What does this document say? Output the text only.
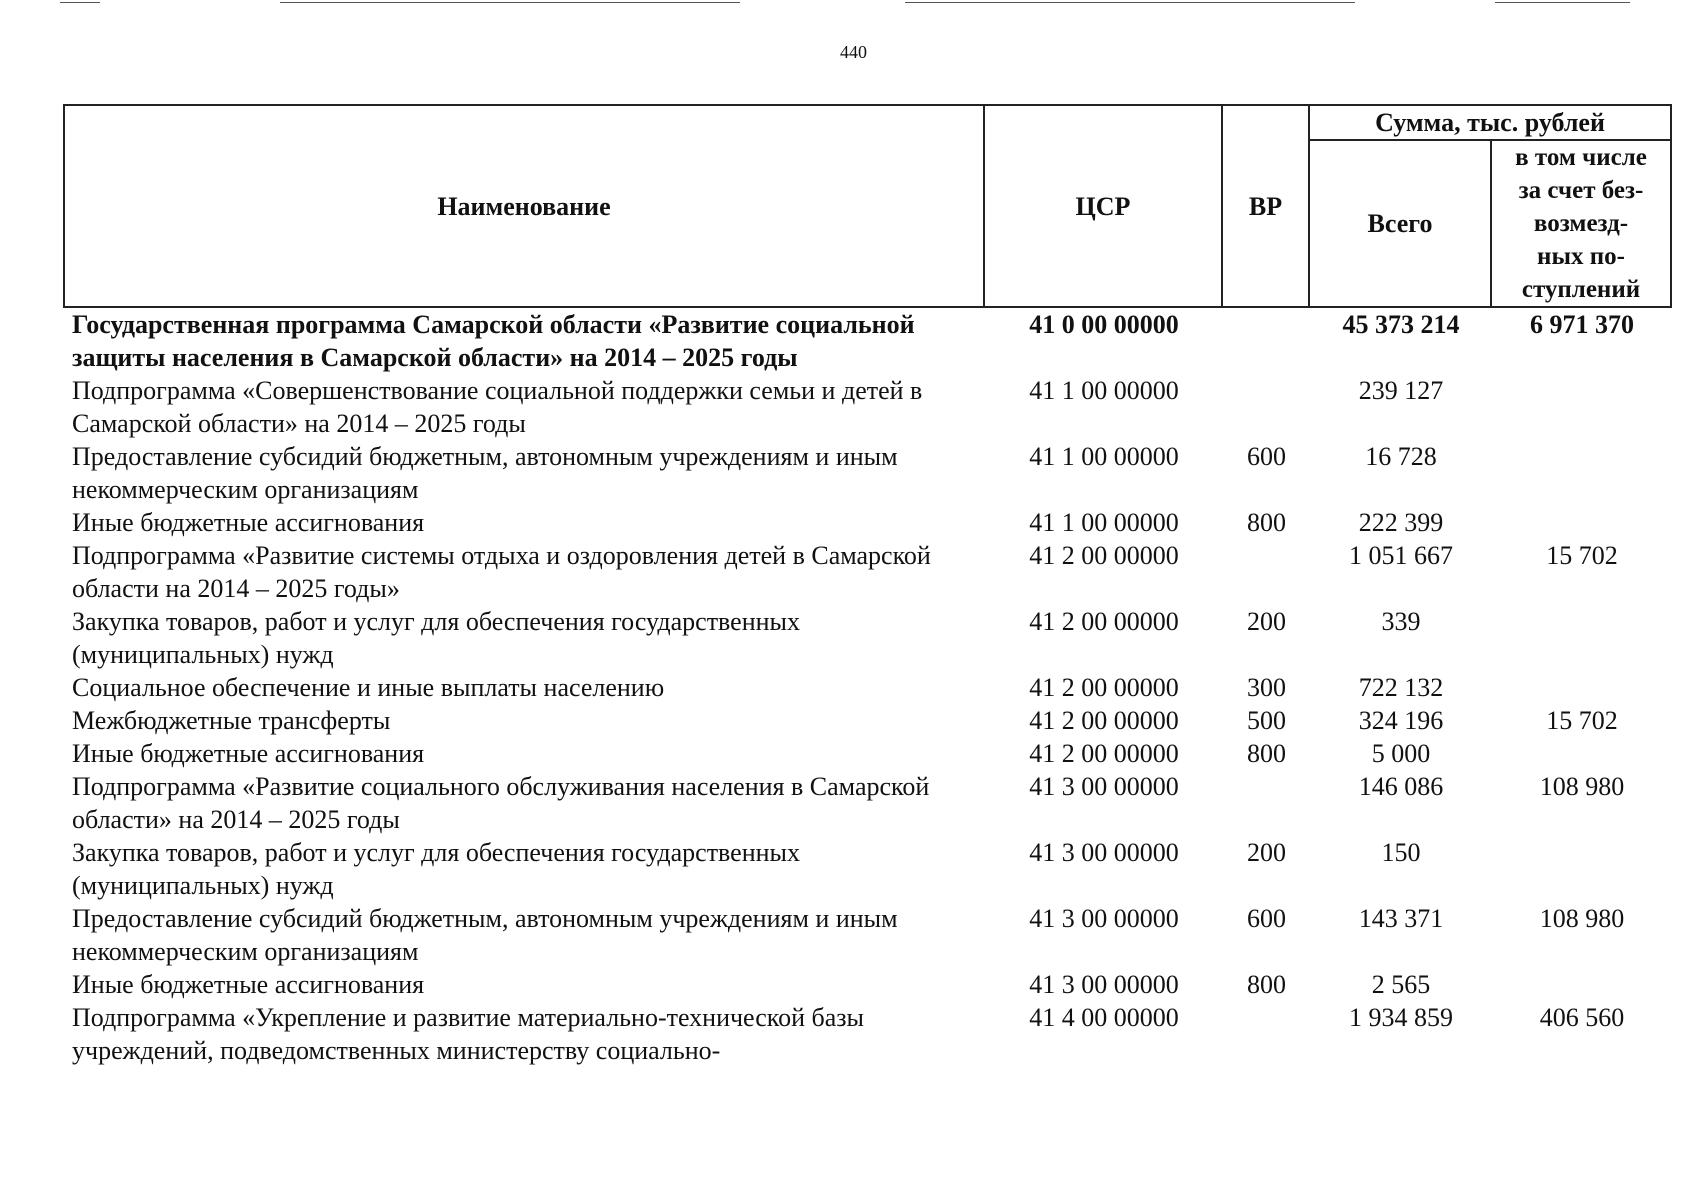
440
Наименование	ЦСР	ВР	Сумма, тыс. рублей	
			Всего	в том числе
за счет без-
возмезд-
ных по-
ступлений
Государственная программа Самарской области «Развитие социальной защиты населения в Самарской области» на 2014 – 2025 годы	41 0 00 00000		45 373 214	6 971 370
Подпрограмма «Совершенствование социальной поддержки семьи и детей в Самарской области» на 2014 – 2025 годы	41 1 00 00000		239 127	
Предоставление субсидий бюджетным, автономным учреждениям и иным некоммерческим организациям	41 1 00 00000	600	16 728	
Иные бюджетные ассигнования	41 1 00 00000	800	222 399	
Подпрограмма «Развитие системы отдыха и оздоровления детей в Самарской области на 2014 – 2025 годы»	41 2 00 00000		1 051 667	15 702
Закупка товаров, работ и услуг для обеспечения государственных (муниципальных) нужд	41 2 00 00000	200	339	
Социальное обеспечение и иные выплаты населению	41 2 00 00000	300	722 132	
Межбюджетные трансферты	41 2 00 00000	500	324 196	15 702
Иные бюджетные ассигнования	41 2 00 00000	800	5 000	
Подпрограмма «Развитие социального обслуживания населения в Самарской области» на 2014 – 2025 годы	41 3 00 00000		146 086	108 980
Закупка товаров, работ и услуг для обеспечения государственных (муниципальных) нужд	41 3 00 00000	200	150	
Предоставление субсидий бюджетным, автономным учреждениям и иным некоммерческим организациям	41 3 00 00000	600	143 371	108 980
Иные бюджетные ассигнования	41 3 00 00000	800	2 565	
Подпрограмма «Укрепление и развитие материально-технической базы учреждений, подведомственных министерству социально-	41 4 00 00000		1 934 859	406 560
